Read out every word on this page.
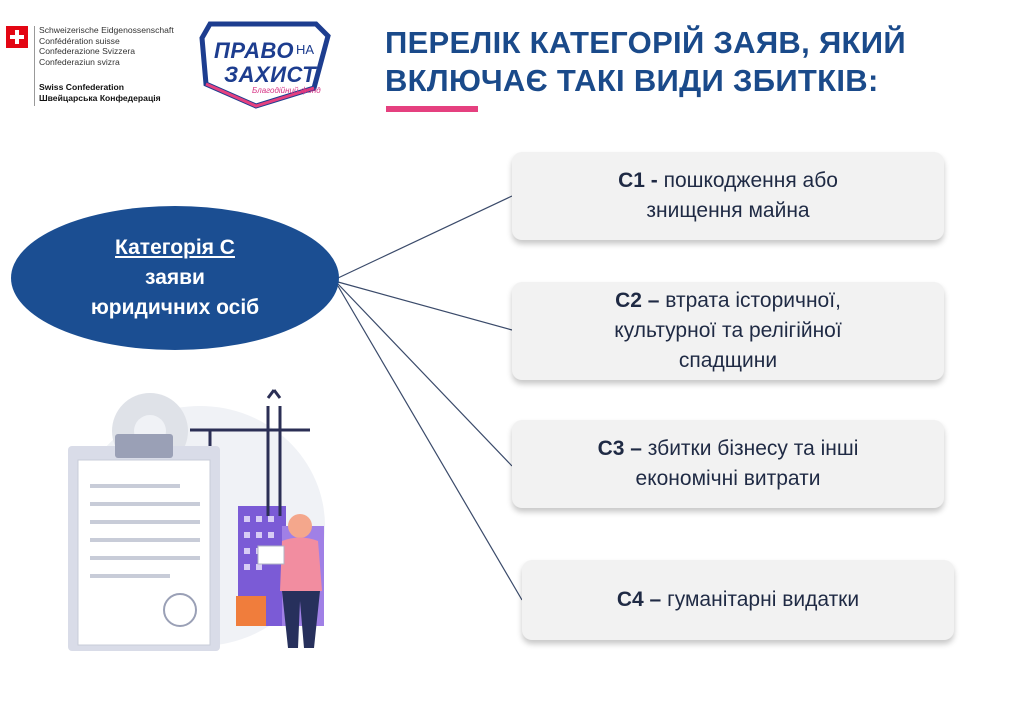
Schweizerische Eidgenossenschaft
Confédération suisse
Confederazione Svizzera
Confederaziun svizra
Swiss Confederation
Швейцарська Конфедерація
ПРАВО НА
ЗАХИСТ
Благодійний фонд
ПЕРЕЛІК КАТЕГОРІЙ ЗАЯВ, ЯКИЙ
ВКЛЮЧАЄ ТАКІ ВИДИ ЗБИТКІВ:
Категорія С
заяви
юридичних осіб
С1 - пошкодження або
знищення майна
С2 – втрата історичної,
культурної та релігійної
спадщини
С3 – збитки бізнесу та інші
економічні витрати
С4 – гуманітарні видатки
